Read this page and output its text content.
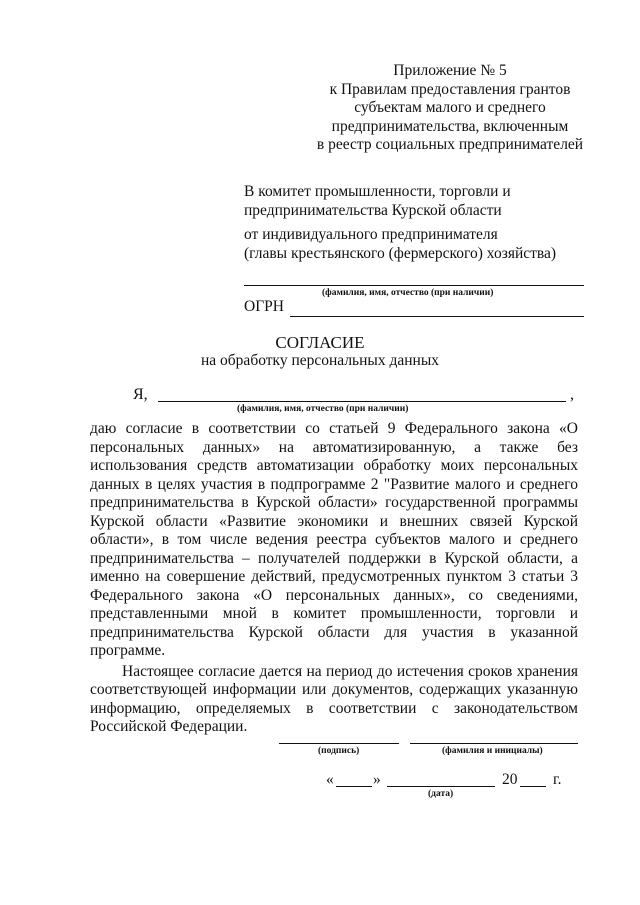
Приложение № 5
к Правилам предоставления грантов
субъектам малого и среднего
предпринимательства, включенным
в реестр социальных предпринимателей
В комитет промышленности, торговли и
предпринимательства Курской области
от индивидуального предпринимателя
(главы крестьянского (фермерского) хозяйства)
(фамилия, имя, отчество (при наличии)
ОГРН
СОГЛАСИЕ
на обработку персональных данных
Я,	,
(фамилия, имя, отчество (при наличии)

даю согласие в соответствии со статьей 9 Федерального закона «О персональных данных» на автоматизированную, а также без использования средств автоматизации обработку моих персональных данных в целях участия в подпрограмме 2 "Развитие малого и среднего предпринимательства в Курской области» государственной программы Курской области «Развитие экономики и внешних связей Курской области», в том числе ведения реестра субъектов малого и среднего предпринимательства – получателей поддержки в Курской области, а именно на совершение действий, предусмотренных пунктом 3 статьи 3 Федерального закона «О персональных данных», со сведениями, представленными мной в комитет промышленности, торговли и предпринимательства Курской области для участия в указанной программе.

Настоящее согласие дается на период до истечения сроков хранения соответствующей информации или документов, содержащих указанную информацию, определяемых в соответствии с законодательством Российской Федерации.

(подпись)	(фамилия и инициалы)
«	»	20 г.
(дата)
